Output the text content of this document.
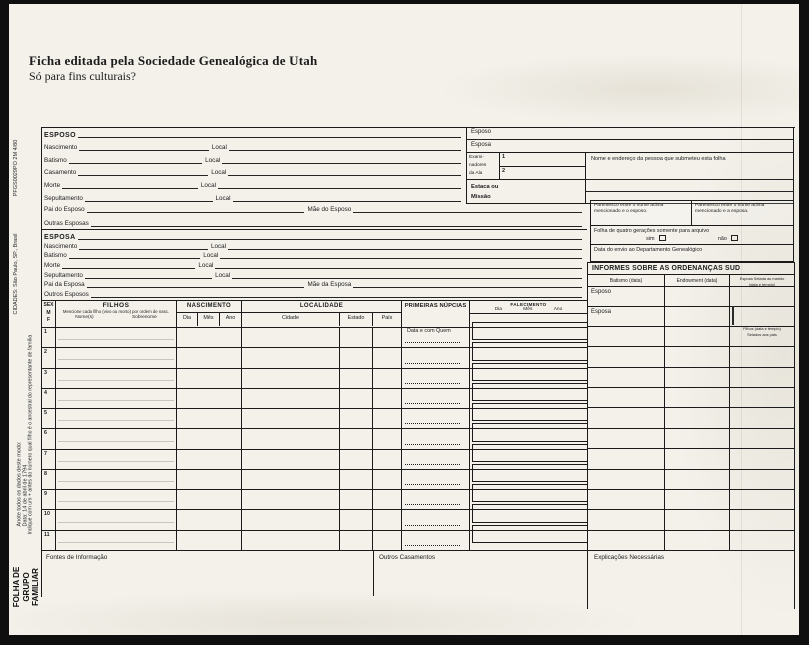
Ficha editada pela Sociedade Genealógica de Utah
Só para fins culturais?
PFGS0029PO 2M 4/80
CIDADES: São Paulo, SP., Brasil
Anote todos os dados deste modo: Data: 14 de abril de 1794 Indique com um + antes do número qual filho é o ancestral do representante de família
FOLHA DE GRUPO FAMILIAR
ESPOSO
Nascimento	Local
Batismo	Local
Casamento	Local
Morte	Local
Sepultamento	Local
Pai do Esposo	Mãe do Esposo
Outras Esposas
ESPOSA
Nascimento	Local
Batismo	Local
Morte	Local
Sepultamento	Local
Pai da Esposa	Mãe da Esposa
Outros Esposos
Esposo
Esposa
Exami-
nadores
da Ala
1
2
Estaca ou
Missão
Nome e endereço da pessoa que submeteu esta folha
Parentesco entre o nome acima mencionado e o esposo.
Parentesco entre o nome acima mencionado e a esposa.
Folha de quatro gerações somente para arquivo
sim	não
Data do envio ao Departamento Genealógico
INFORMES SOBRE AS ORDENANÇAS SUD
Batismo (data)	Endowment (data)	Esposa Selada ao marido
(data e templo)
Esposo
Esposa
Filhos (data e templo)
Selados aos pais
SEX
M
F
FILHOS
Mencione cada filho (vivo ou morto) por ordem de nasc.
Nome(s)	Sobrenome
NASCIMENTO
Dia	Mês	Ano
LOCALIDADE
Cidade	Estado	País
PRIMEIRAS NÚPCIAS
Data e com Quem
FALECIMENTO
Dia	Mês	Ano
1
2
3
4
5
6
7
8
9
10
11
Fontes de Informação	Outros Casamentos	Explicações Necessárias
